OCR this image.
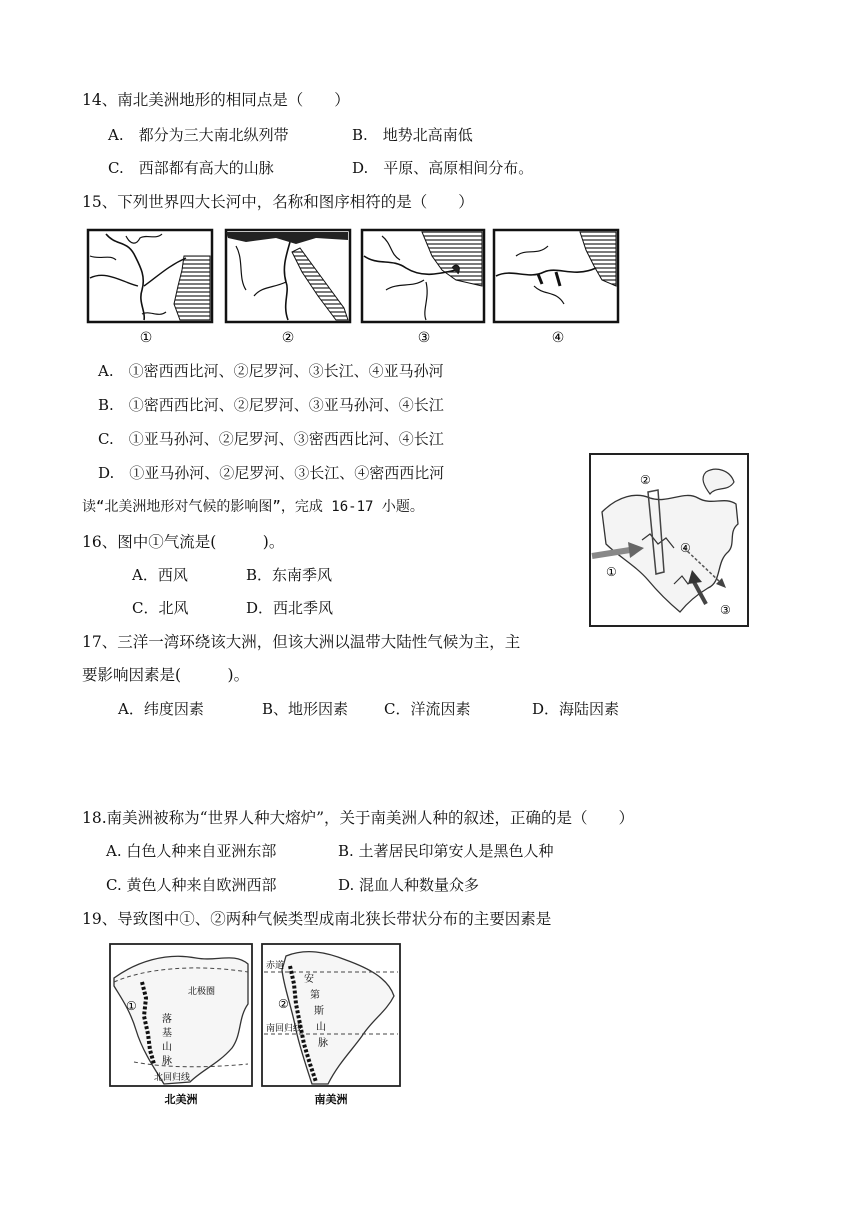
14、南北美洲地形的相同点是（　　）
A.　都分为三大南北纵列带	B.　地势北高南低
C.　西部都有高大的山脉	D.　平原、高原相间分布。
15、下列世界四大长河中，名称和图序相符的是（　　）
①	②	③	④
A.　①密西西比河、②尼罗河、③长江、④亚马孙河
B.　①密西西比河、②尼罗河、③亚马孙河、④长江
C.　①亚马孙河、②尼罗河、③密西西比河、④长江
D.　①亚马孙河、②尼罗河、③长江、④密西西比河
读“北美洲地形对气候的影响图”，完成 16-17 小题。
①
②
③
④
16、图中①气流是(　　　)。
A．西风	B．东南季风
C．北风	D．西北季风
17、三洋一湾环绕该大洲，但该大洲以温带大陆性气候为主，主
要影响因素是(　　　)。
A．纬度因素	B、地形因素 C．洋流因素	D．海陆因素
18.南美洲被称为“世界人种大熔炉”，关于南美洲人种的叙述，正确的是（　　）
A. 白色人种来自亚洲东部	B. 土著居民印第安人是黑色人种
C. 黄色人种来自欧洲西部	D. 混血人种数量众多
19、导致图中①、②两种气候类型成南北狭长带状分布的主要因素是
北极圈
①
落
基
山
脉
北回归线
北美洲
赤道
②
南回归线
安
第
斯
山
脉
南美洲
